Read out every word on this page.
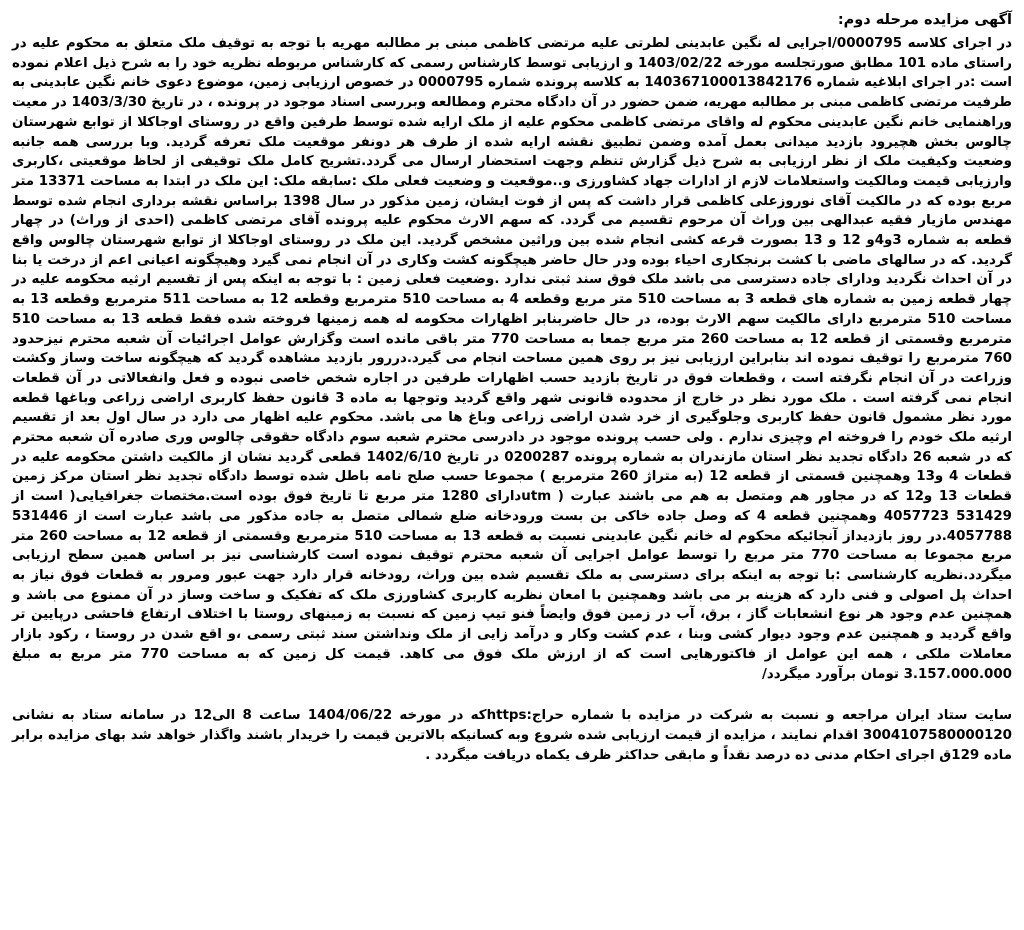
آگهی مزایده مرحله دوم:

در اجرای کلاسه 0000795/اجرایی له نگین عابدینی لطرتی علیه مرتضی کاظمی مبنی بر مطالبه مهریه با توجه به توقیف ملک متعلق به محکوم علیه در راستای ماده 101 مطابق صورتجلسه مورخه 1403/02/22 و ارزیابی توسط کارشناس رسمی که کارشناس مربوطه نظریه خود را به شرح ذیل اعلام نموده است :در اجرای ابلاغیه شماره 140367100013842176 به کلاسه پرونده شماره 0000795 در خصوص ارزیابی زمین، موضوع دعوی خانم نگین عابدینی به طرفیت مرتضی کاظمی مبنی بر مطالبه مهریه، ضمن حضور در آن دادگاه محترم ومطالعه وبررسی اسناد موجود در پرونده ، در تاریخ 1403/3/30 در معیت وراهنمایی خانم نگین عابدینی محکوم له واقای مرتضی کاظمی محکوم علیه از ملک ارایه شده توسط طرفین واقع در روستای اوجاکلا از توابع شهرستان چالوس بخش هچیرود بازدید میدانی بعمل آمده وضمن تطبیق نقشه ارایه شده از طرف هر دونفر موقعیت ملک تعرفه گردید. وبا بررسی همه جانبه وضعیت وکیفیت ملک از نظر ارزیابی به شرح ذیل گزارش تنظم وجهت استحضار ارسال می گردد.تشریح کامل ملک توقیفی از لحاظ موقعیتی ،کاربری وارزیابی قیمت ومالکیت واستعلامات لازم از ادارات جهاد کشاورزی و..موقعیت و وضعیت فعلی ملک :سابقه ملک: این ملک در ابتدا به مساحت 13371 متر مربع بوده که در مالکیت آقای نوروزعلی کاظمی قرار داشت که پس از فوت ایشان، زمین مذکور در سال 1398 براساس نقشه برداری انجام شده توسط مهندس مازیار فقیه عبدالهی بین وراث آن مرحوم تقسیم می گردد. که سهم الارث محکوم علیه پرونده آقای مرتضی کاظمی (احدی از وراث) در چهار قطعه به شماره 3و4و 12 و 13 بصورت قرعه کشی انجام شده بین وراثین مشخص گردید. این ملک در روستای اوجاکلا از توابع شهرستان چالوس واقع گردید. که در سالهای ماضی با کشت برنجکاری احیاء بوده ودر حال حاضر هیچگونه کشت وکاری در آن انجام نمی گیرد وهیچگونه اعیانی اعم از درخت یا بنا در آن احداث نگردید ودارای جاده دسترسی می باشد ملک فوق سند ثبتی ندارد .وضعیت فعلی زمین : با توجه به اینکه پس از تقسیم ارثیه محکومه علیه در چهار قطعه زمین به شماره های قطعه 3 به مساحت 510 متر مربع وقطعه 4 به مساحت 510 مترمربع وقطعه 12 به مساحت 511 مترمربع وقطعه 13 به مساحت 510 مترمربع دارای مالکیت سهم الارث بوده، در حال حاضربنابر اظهارات محکومه له همه زمینها فروخته شده فقط قطعه 13 به مساحت 510 مترمربع وقسمتی از قطعه 12 به مساحت 260 متر مربع جمعا به مساحت 770 متر باقی مانده است وگزارش عوامل اجرائیات آن شعبه محترم نیزحدود 760 مترمربع را توقیف نموده اند بنابراین ارزیابی نیز بر روی همین مساحت انجام می گیرد.دررور بازدید مشاهده گردید که هیچگونه ساخت وساز وکشت وزراعت در آن انجام نگرفته است ، وقطعات فوق در تاریخ بازدید حسب اظهارات طرفین در اجاره شخص خاصی نبوده و فعل وانفعالاتی در آن قطعات انجام نمی گرفته است . ملک مورد نظر در خارج از محدوده قانونی شهر واقع گردید وتوجها به ماده 3 قانون حفظ کاربری اراضی زراعی وباغها قطعه مورد نظر مشمول قانون حفظ کاربری وجلوگیری از خرد شدن اراضی زراعی وباغ ها می باشد. محکوم علیه اظهار می دارد در سال اول بعد از تقسیم ارثیه ملک خودم را فروخته ام وچیزی ندارم . ولی حسب پرونده موجود در دادرسی محترم شعبه سوم دادگاه حقوقی چالوس وری صادره آن شعبه محترم که در شعبه 26 دادگاه تجدید نظر استان مازندران به شماره پرونده 0200287 در تاریخ 1402/6/10 قطعی گردید نشان از مالکیت داشتن محکومه علیه در قطعات 4 و13 وهمچنین قسمتی از قطعه 12 (به متراژ 260 مترمربع ) مجموعا حسب صلح نامه باطل شده توسط دادگاه تجدید نظر استان مرکز زمین قطعات 13 و12 که در مجاور هم ومتصل به هم می باشند عبارت ( utmدارای 1280 متر مربع تا تاریخ فوق بوده است.مختصات جغرافیایی( است از 531429 4057723 وهمچنین قطعه 4 که وصل جاده خاکی بن بست ورودخانه ضلع شمالی متصل به جاده مذکور می باشد عبارت است از 531446 4057788.در روز بازدیداز آنجائیکه محکوم له خانم نگین عابدینی نسبت به قطعه 13 به مساحت 510 مترمربع وقسمتی از قطعه 12 به مساحت 260 متر مربع مجموعا به مساحت 770 متر مربع را توسط عوامل اجرایی آن شعبه محترم توقیف نموده است کارشناسی نیز بر اساس همین سطح ارزیابی میگردد.نظریه کارشناسی :با توجه به اینکه برای دسترسی به ملک تقسیم شده بین وراث، رودخانه قرار دارد جهت عبور ومرور به قطعات فوق نیاز به احداث پل اصولی و فنی دارد که هزینه بر می باشد وهمچنین با امعان نظربه کاربری کشاورزی ملک که تفکیک و ساخت وساز در آن ممنوع می باشد و همچنین عدم وجود هر نوع انشعابات گاز ، برق، آب در زمین فوق وایضاً فنو تیپ زمین که نسبت به زمینهای روستا با اختلاف ارتفاع فاحشی درپایین تر واقع گردید و همچنین عدم وجود دیوار کشی وبنا ، عدم کشت وکار و درآمد زایی از ملک ونداشتن سند ثبتی رسمی ،و اقع شدن در روستا ، رکود بازار معاملات ملکی ، همه این عوامل از فاکتورهایی است که از ارزش ملک فوق می کاهد. قیمت کل زمین که به مساحت 770 متر مربع به مبلغ 3.157.000.000 تومان برآورد میگردد/

سایت ستاد ایران مراجعه و نسبت به شرکت در مزایده با شماره حراج:httpsکه در مورخه 1404/06/22 ساعت 8 الی12 در سامانه ستاد به نشانی 3004107580000120 اقدام نمایند ، مزایده از قیمت ارزیابی شده شروع وبه کسانیکه بالاترین قیمت را خریدار باشند واگذار خواهد شد بهای مزایده برابر ماده 129ق اجرای احکام مدنی ده درصد نقداً و مابقی حداکثر ظرف یکماه دریافت میگردد .
